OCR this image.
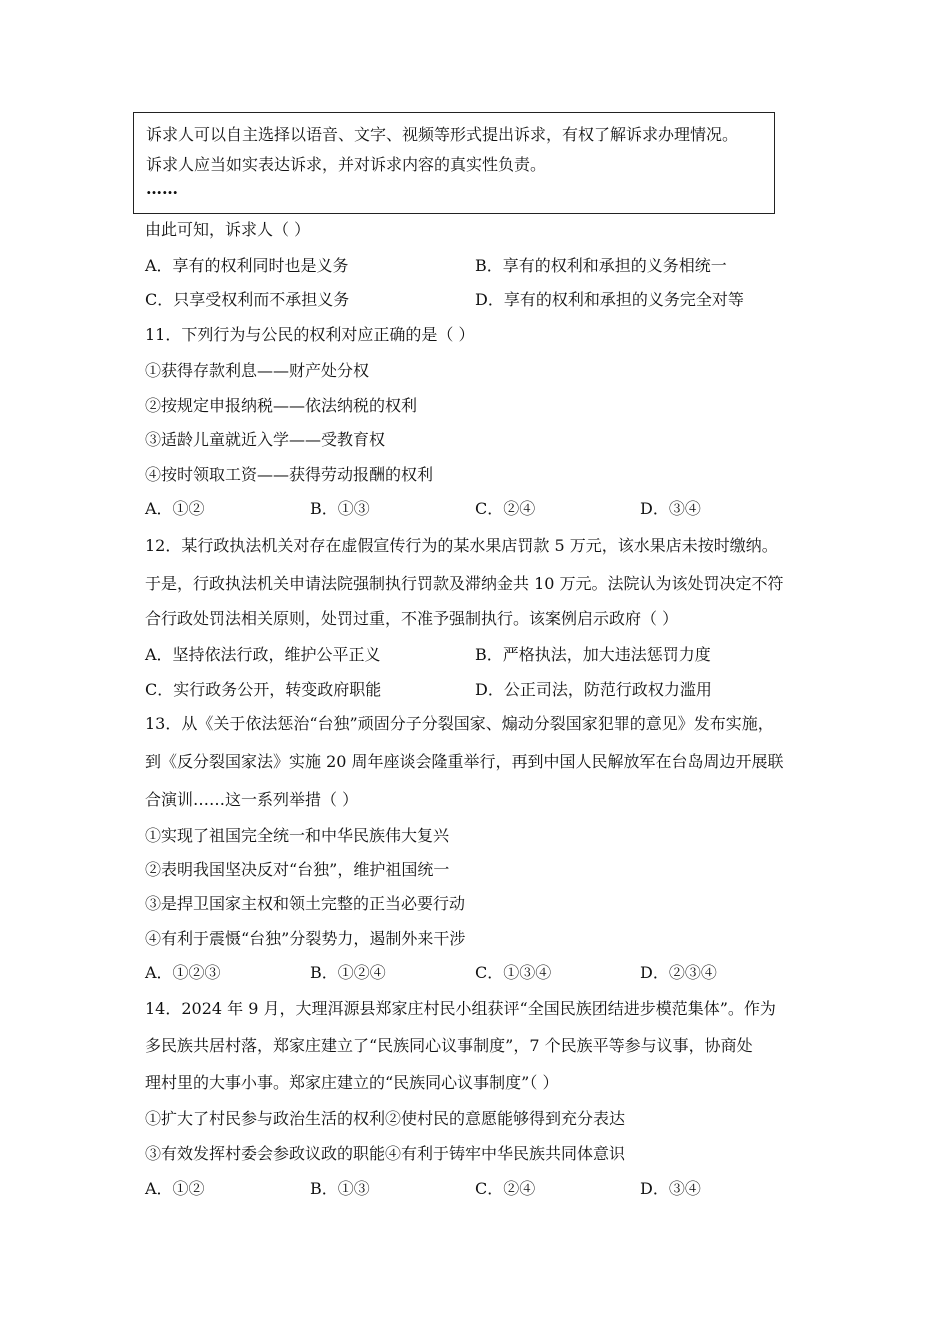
诉求人可以自主选择以语音、文字、视频等形式提出诉求，有权了解诉求办理情况。
诉求人应当如实表达诉求，并对诉求内容的真实性负责。
……
由此可知，诉求人（ ）
A．享有的权利同时也是义务	B．享有的权利和承担的义务相统一
C．只享受权利而不承担义务	D．享有的权利和承担的义务完全对等
11．下列行为与公民的权利对应正确的是（ ）
①获得存款利息——财产处分权
②按规定申报纳税——依法纳税的权利
③适龄儿童就近入学——受教育权
④按时领取工资——获得劳动报酬的权利
A．①②	B．①③	C．②④	D．③④
12．某行政执法机关对存在虚假宣传行为的某水果店罚款 5 万元，该水果店未按时缴纳。
于是，行政执法机关申请法院强制执行罚款及滞纳金共 10 万元。法院认为该处罚决定不符
合行政处罚法相关原则，处罚过重，不准予强制执行。该案例启示政府（ ）
A．坚持依法行政，维护公平正义	B．严格执法，加大违法惩罚力度
C．实行政务公开，转变政府职能	D．公正司法，防范行政权力滥用
13．从《关于依法惩治“台独”顽固分子分裂国家、煽动分裂国家犯罪的意见》发布实施，
到《反分裂国家法》实施 20 周年座谈会隆重举行，再到中国人民解放军在台岛周边开展联
合演训……这一系列举措（ ）
①实现了祖国完全统一和中华民族伟大复兴
②表明我国坚决反对“台独”，维护祖国统一
③是捍卫国家主权和领土完整的正当必要行动
④有利于震慑“台独”分裂势力，遏制外来干涉
A．①②③	B．①②④	C．①③④	D．②③④
14．2024 年 9 月，大理洱源县郑家庄村民小组获评“全国民族团结进步模范集体”。作为
多民族共居村落，郑家庄建立了“民族同心议事制度”，7 个民族平等参与议事，协商处
理村里的大事小事。郑家庄建立的“民族同心议事制度”（ ）
①扩大了村民参与政治生活的权利②使村民的意愿能够得到充分表达
③有效发挥村委会参政议政的职能④有利于铸牢中华民族共同体意识
A．①②	B．①③	C．②④	D．③④
